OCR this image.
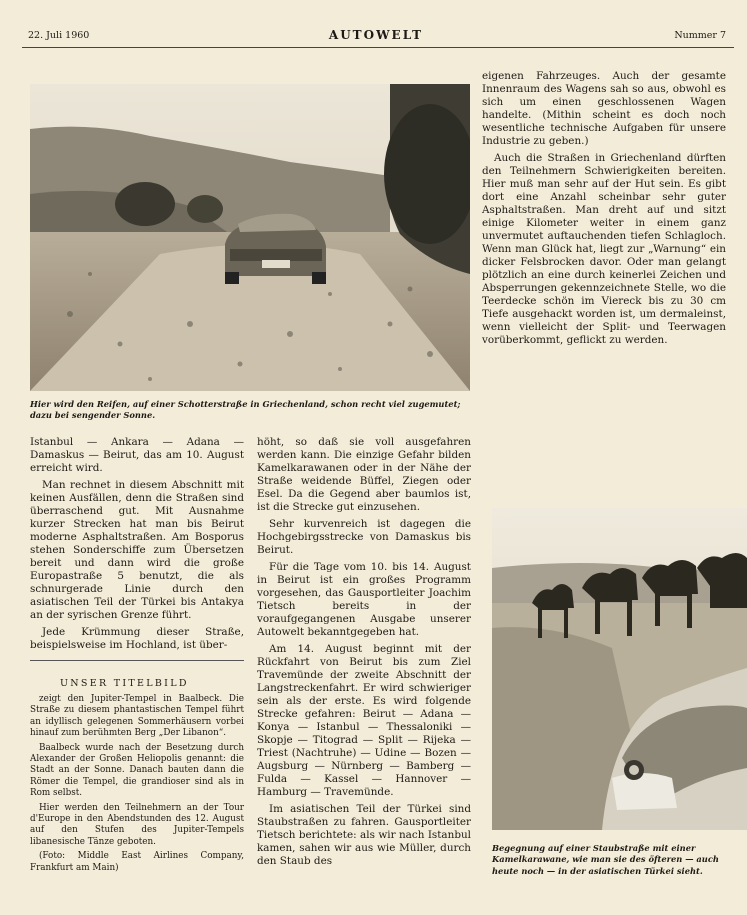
22. Juli 1960	AUTOWELT	Nummer 7
Hier wird den Reifen, auf einer Schotterstraße in Griechenland, schon recht viel zugemutet; dazu bei sengender Sonne.

eigenen Fahrzeuges. Auch der gesamte Innenraum des Wagens sah so aus, obwohl es sich um einen geschlossenen Wagen handelte. (Mithin scheint es doch noch wesentliche technische Aufgaben für unsere Industrie zu geben.)

Auch die Straßen in Griechenland dürften den Teilnehmern Schwierigkeiten bereiten. Hier muß man sehr auf der Hut sein. Es gibt dort eine Anzahl scheinbar sehr guter Asphaltstraßen. Man dreht auf und sitzt einige Kilometer weiter in einem ganz unvermutet auftauchenden tiefen Schlagloch. Wenn man Glück hat, liegt zur „Warnung“ ein dicker Felsbrocken davor. Oder man gelangt plötzlich an eine durch keinerlei Zeichen und Absperrungen gekennzeichnete Stelle, wo die Teerdecke schön im Viereck bis zu 30 cm Tiefe ausgehackt worden ist, um dermaleinst, wenn vielleicht der Split- und Teerwagen vorüberkommt, geflickt zu werden.

Istanbul — Ankara — Adana — Damaskus — Beirut, das am 10. August erreicht wird.

Man rechnet in diesem Abschnitt mit keinen Ausfällen, denn die Straßen sind überraschend gut. Mit Ausnahme kurzer Strecken hat man bis Beirut moderne Asphaltstraßen. Am Bosporus stehen Sonderschiffe zum Übersetzen bereit und dann wird die große Europastraße 5 benutzt, die als schnurgerade Linie durch den asiatischen Teil der Türkei bis Antakya an der syrischen Grenze führt.

Jede Krümmung dieser Straße, beispielsweise im Hochland, ist über-

UNSER TITELBILD

zeigt den Jupiter-Tempel in Baalbeck. Die Straße zu diesem phantastischen Tempel führt an idyllisch gelegenen Sommerhäusern vorbei hinauf zum berühmten Berg „Der Libanon“.

Baalbeck wurde nach der Besetzung durch Alexander der Großen Heliopolis genannt: die Stadt an der Sonne. Danach bauten dann die Römer die Tempel, die grandioser sind als in Rom selbst.

Hier werden den Teilnehmern an der Tour d'Europe in den Abendstunden des 12. August auf den Stufen des Jupiter-Tempels libanesische Tänze geboten.

(Foto: Middle East Airlines Company, Frankfurt am Main)

höht, so daß sie voll ausgefahren werden kann. Die einzige Gefahr bilden Kamelkarawanen oder in der Nähe der Straße weidende Büffel, Ziegen oder Esel. Da die Gegend aber baumlos ist, ist die Strecke gut einzusehen.

Sehr kurvenreich ist dagegen die Hochgebirgsstrecke von Damaskus bis Beirut.

Für die Tage vom 10. bis 14. August in Beirut ist ein großes Programm vorgesehen, das Gausportleiter Joachim Tietsch bereits in der voraufgegangenen Ausgabe unserer Autowelt bekanntgegeben hat.

Am 14. August beginnt mit der Rückfahrt von Beirut bis zum Ziel Travemünde der zweite Abschnitt der Langstreckenfahrt. Er wird schwieriger sein als der erste. Es wird folgende Strecke gefahren: Beirut — Adana — Konya — Istanbul — Thessaloniki — Skopje — Titograd — Split — Rijeka — Triest (Nachtruhe) — Udine — Bozen — Augsburg — Nürnberg — Bamberg — Fulda — Kassel — Hannover — Hamburg — Travemünde.

Im asiatischen Teil der Türkei sind Staubstraßen zu fahren. Gausportleiter Tietsch berichtete: als wir nach Istanbul kamen, sahen wir aus wie Müller, durch den Staub des

Begegnung auf einer Staubstraße mit einer Kamelkarawane, wie man sie des öfteren — auch heute noch — in der asiatischen Türkei sieht.
